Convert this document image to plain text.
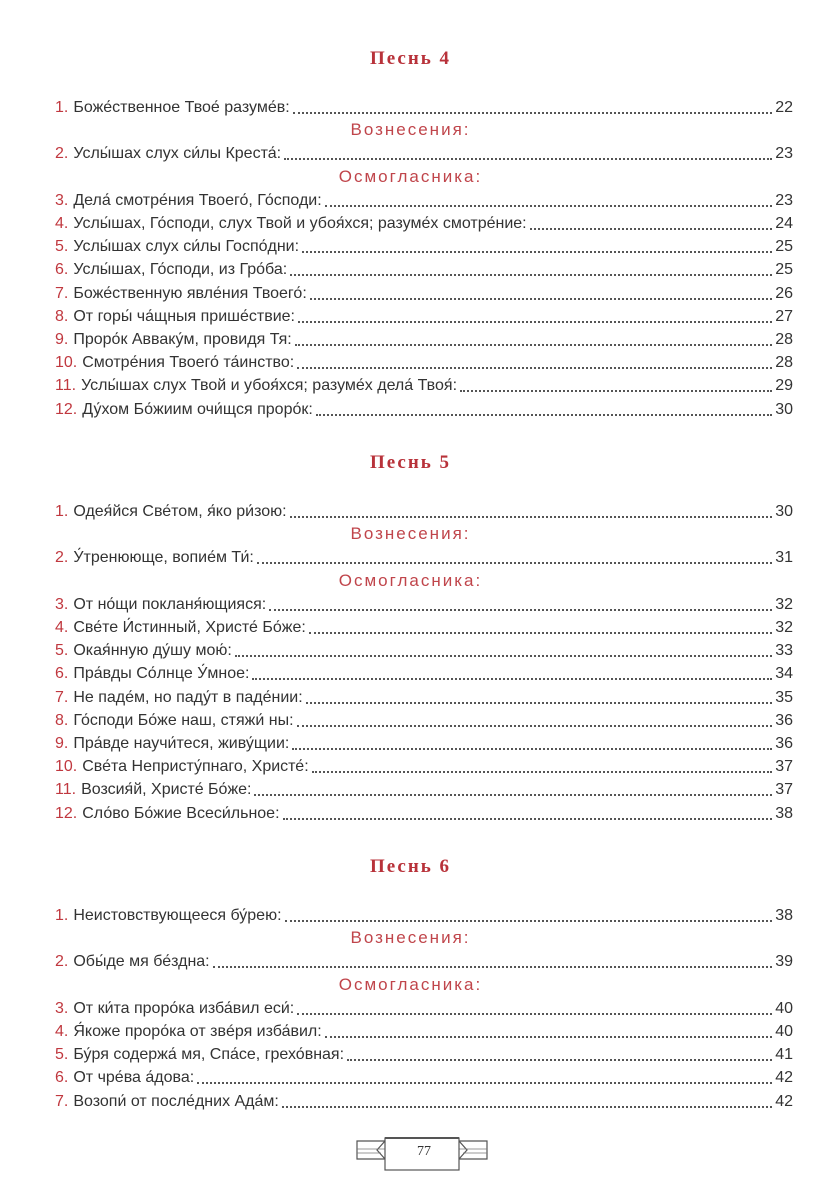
Песнь 4
1. Боже́ственное Твое́ разуме́в:	22
Вознесения:
2. Услы́шах слух си́лы Креста́:	23
Осмогласника:
3. Дела́ смотре́ния Твоего́, Го́споди:	23
4. Услы́шах, Го́споди, слух Твой и убоя́хся; разуме́х смотре́ние:	24
5. Услы́шах слух си́лы Госпо́дни:	25
6. Услы́шах, Го́споди, из Гро́ба:	25
7. Боже́ственную явле́ния Твоего́:	26
8. От горы́ ча́щныя прише́ствие:	27
9. Проро́к Авваку́м, провидя Тя:	28
10. Смотре́ния Твоего́ та́инство:	28
11. Услы́шах слух Твой и убоя́хся; разуме́х дела́ Твоя́:	29
12. Ду́хом Бо́жиим очи́щся проро́к:	30
Песнь 5
1. Одея́йся Све́том, я́ко ри́зою:	30
Вознесения:
2. У́тренююще, вопие́м Ти́:	31
Осмогласника:
3. От но́щи покланя́ющияся:	32
4. Све́те И́стинный, Христе́ Бо́же:	32
5. Окая́нную ду́шу мою́:	33
6. Пра́вды Со́лнце У́мное:	34
7. Не паде́м, но паду́т в паде́нии:	35
8. Го́споди Бо́же наш, стяжи́ ны:	36
9. Пра́вде научи́теся, живу́щии:	36
10. Све́та Непристу́пнаго, Христе́:	37
11. Возсия́й, Христе́ Бо́же:	37
12. Сло́во Бо́жие Всеси́льное:	38
Песнь 6
1. Неистовствующееся бу́рею:	38
Вознесения:
2. Обы́де мя бе́здна:	39
Осмогласника:
3. От ки́та проро́ка изба́вил еси́:	40
4. Я́коже проро́ка от звéря изба́вил:	40
5. Бу́ря содержа́ мя, Спа́се, грехо́вная:	41
6. От чре́ва а́дова:	42
7. Возопи́ от после́дних Ада́м:	42
77
